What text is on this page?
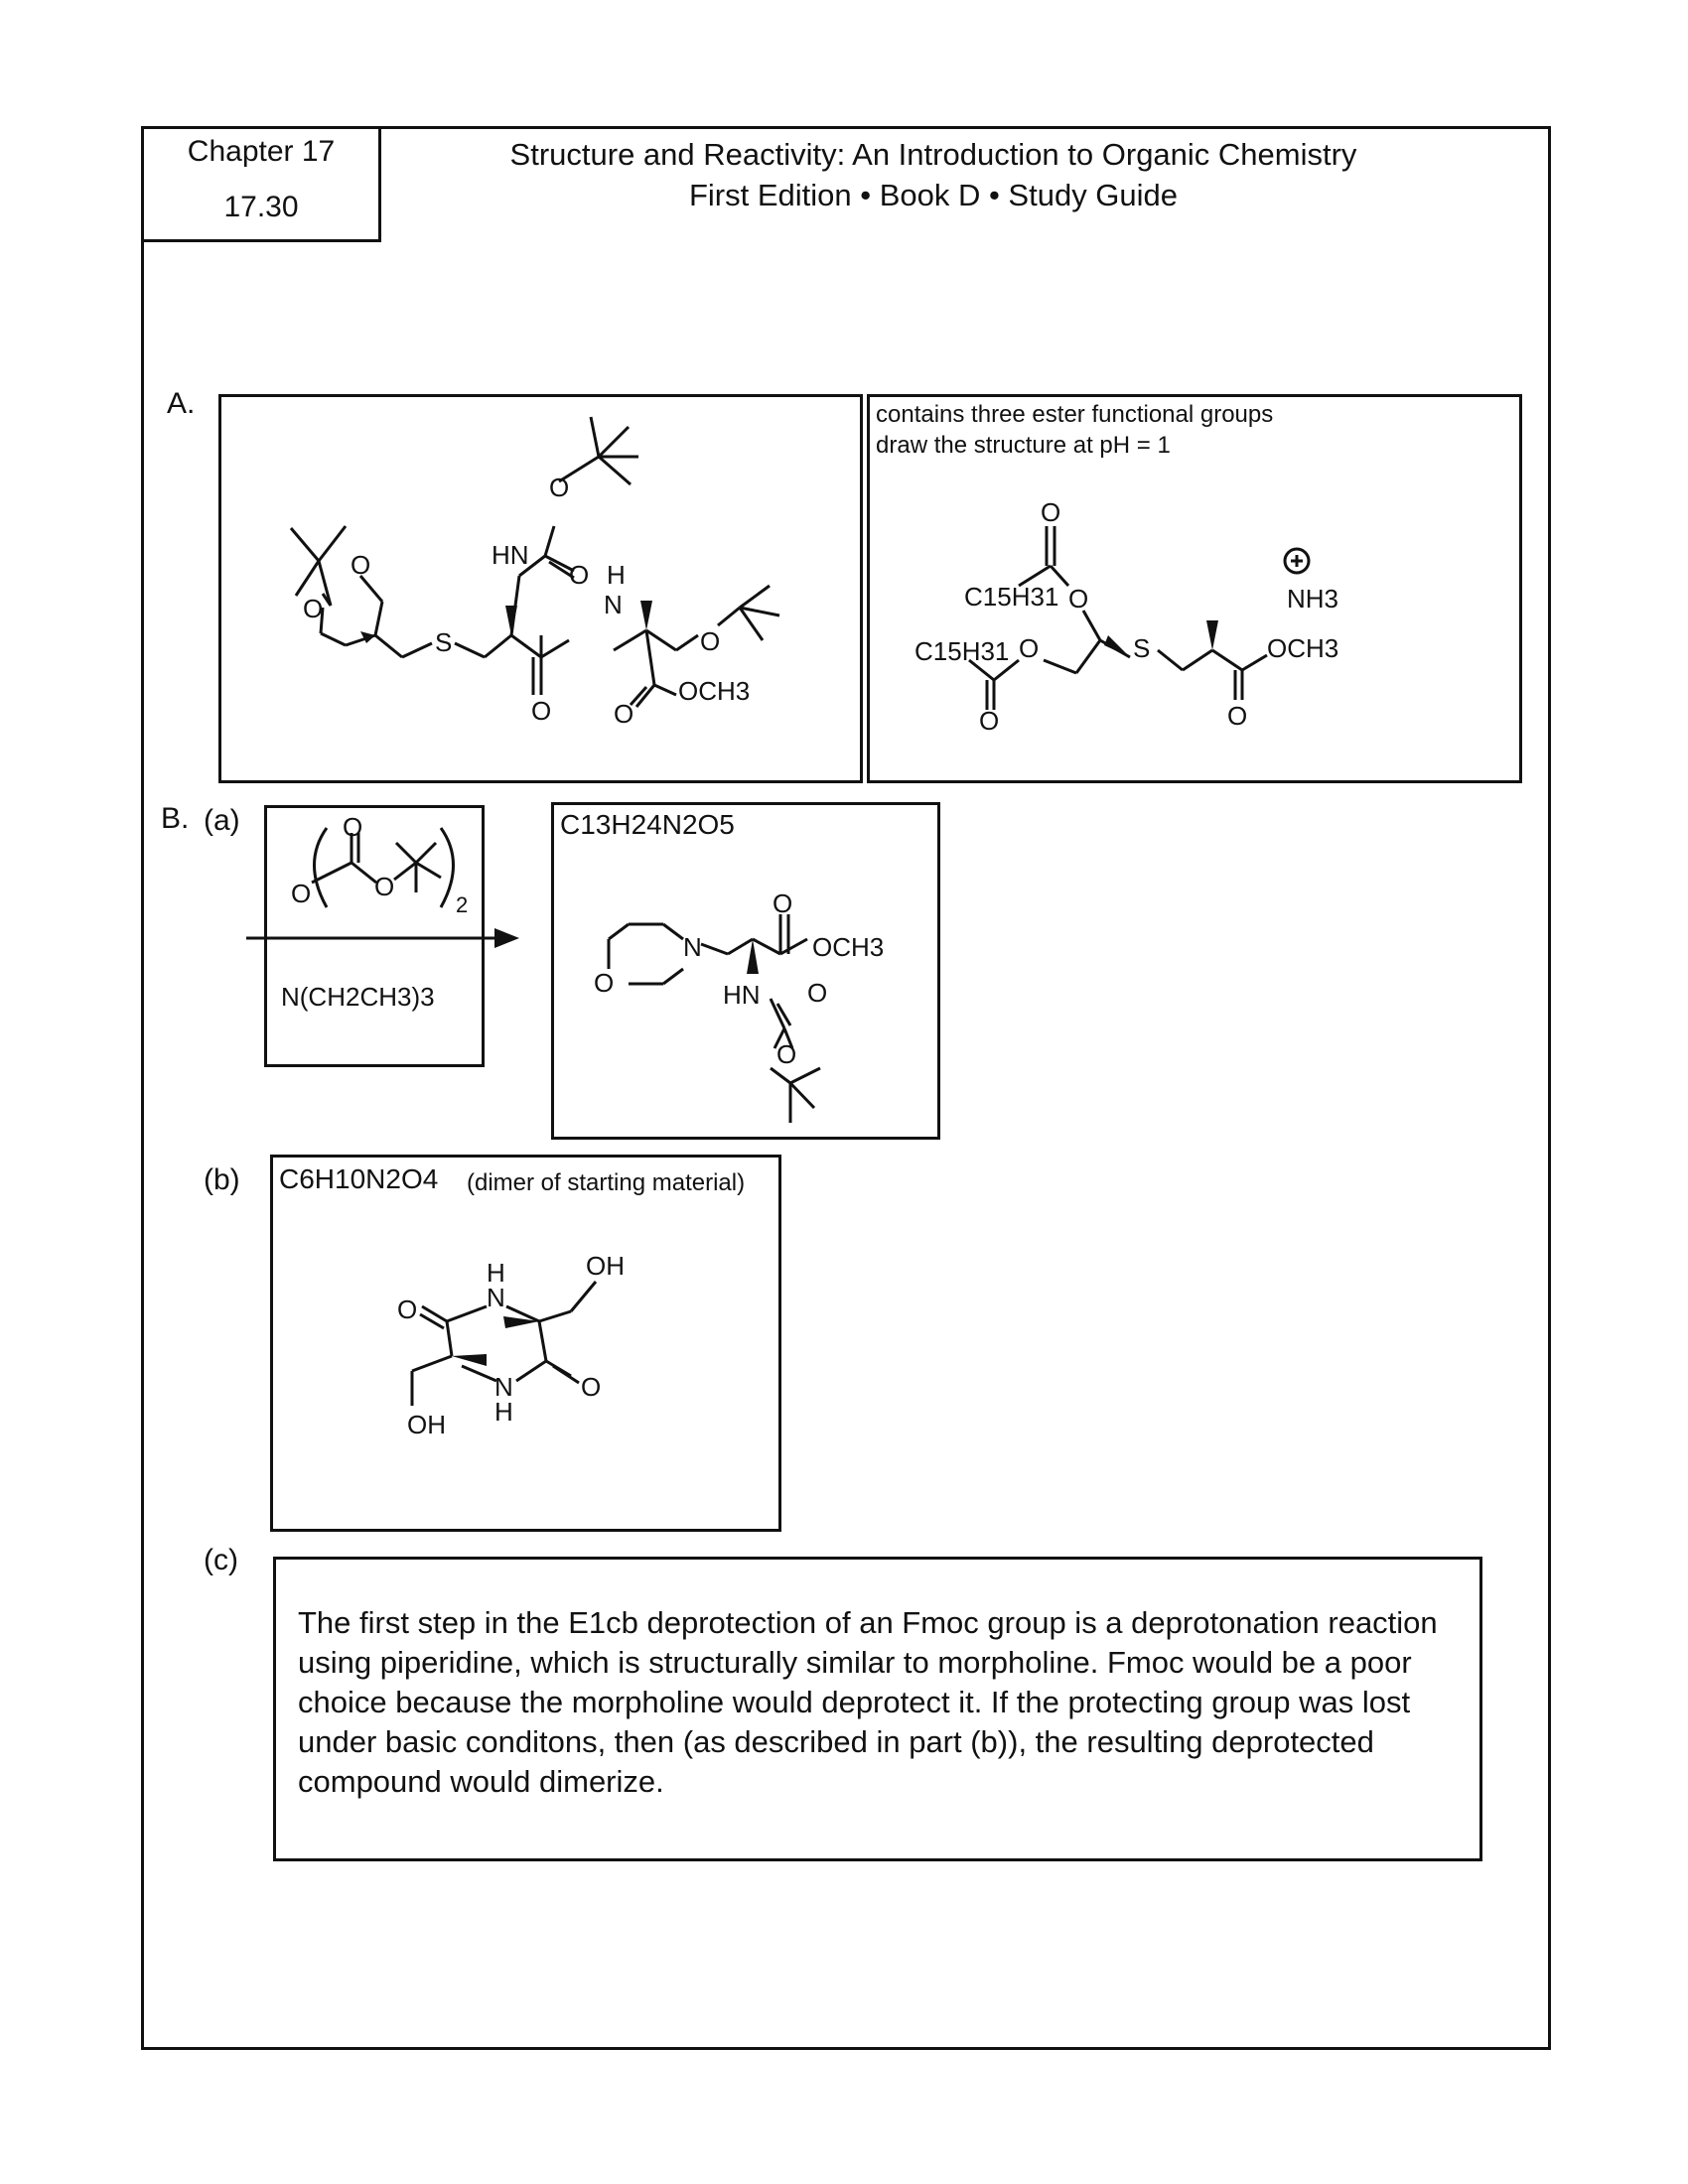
Chapter 17
17.30
Structure and Reactivity: An Introduction to Organic Chemistry
First Edition • Book D • Study Guide
A.
O
O
S
HN
O
H
N
O
O
O
O
OCH3
contains three ester functional groups
draw the structure at pH = 1
O
C15H31 O
C15H31 O
O
S
NH3
OCH3
O
B. (a)
O
O
O
2
N(CH2CH3)3
C13H24N2O5
O
N
O
OCH3
HN O
O
(b) C6H10N2O4 (dimer of starting material)
O
H
N
OH
OH
N
H
O
(c)
The first step in the E1cb deprotection of an Fmoc group is a deprotonation reaction using piperidine, which is structurally similar to morpholine. Fmoc would be a poor choice because the morpholine would deprotect it. If the protecting group was lost under basic conditons, then (as described in part (b)), the resulting deprotected compound would dimerize.
